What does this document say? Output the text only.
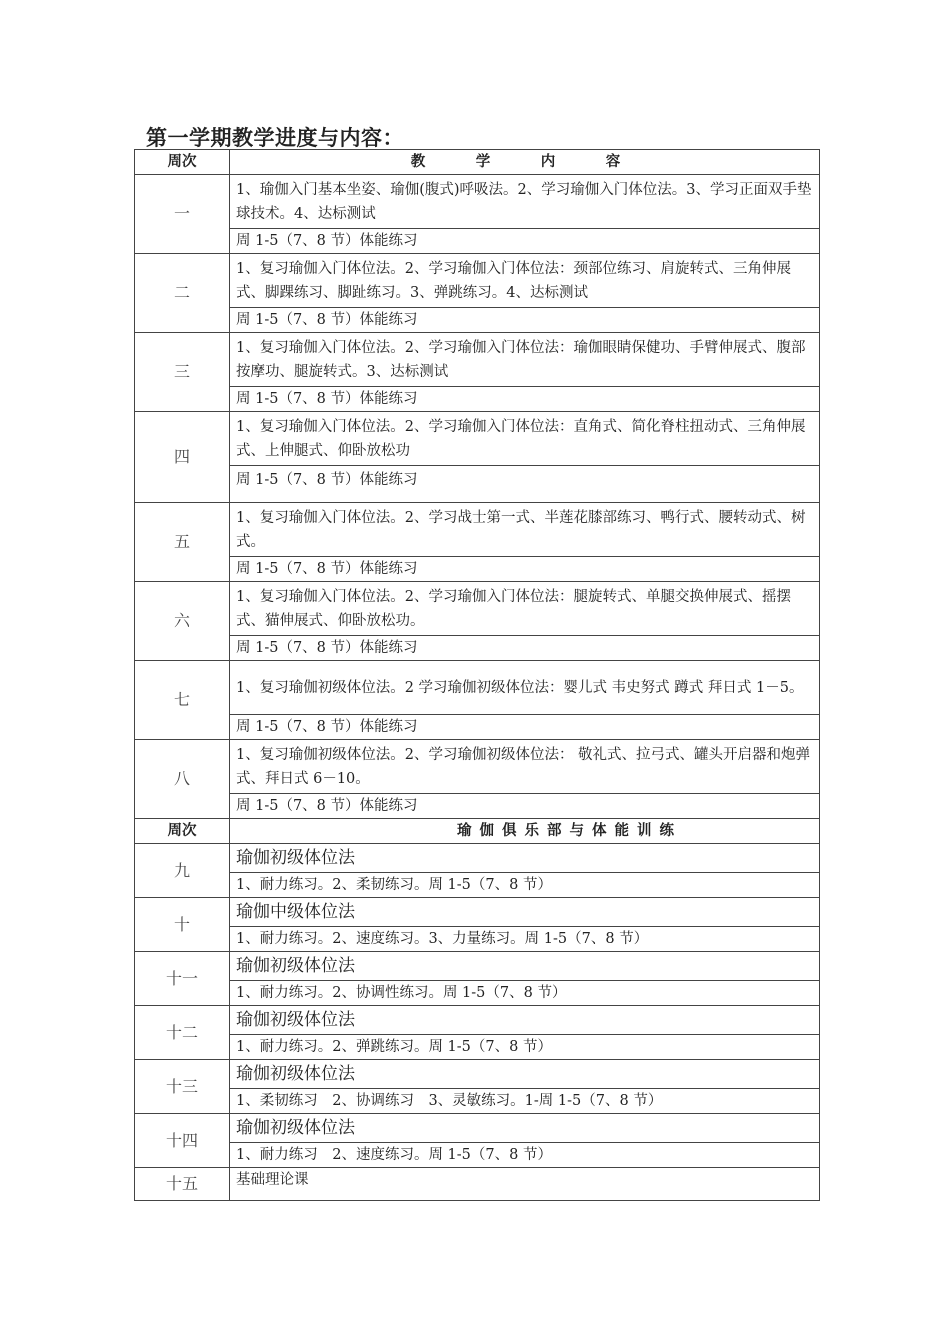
第一学期教学进度与内容：
周次	教　学　内　容
一	1、瑜伽入门基本坐姿、瑜伽(腹式)呼吸法。2、学习瑜伽入门体位法。3、学习正面双手垫球技术。4、达标测试
	周 1-5（7、8 节）体能练习
二	1、复习瑜伽入门体位法。2、学习瑜伽入门体位法：颈部位练习、肩旋转式、三角伸展式、脚踝练习、脚趾练习。3、弹跳练习。4、达标测试
	周 1-5（7、8 节）体能练习
三	1、复习瑜伽入门体位法。2、学习瑜伽入门体位法：瑜伽眼睛保健功、手臂伸展式、腹部按摩功、腿旋转式。3、达标测试
	周 1-5（7、8 节）体能练习
四	1、复习瑜伽入门体位法。2、学习瑜伽入门体位法：直角式、简化脊柱扭动式、三角伸展式、上伸腿式、仰卧放松功
	周 1-5（7、8 节）体能练习
五	1、复习瑜伽入门体位法。2、学习战士第一式、半莲花膝部练习、鸭行式、腰转动式、树式。
	周 1-5（7、8 节）体能练习
六	1、复习瑜伽入门体位法。2、学习瑜伽入门体位法：腿旋转式、单腿交换伸展式、摇摆式、猫伸展式、仰卧放松功。
	周 1-5（7、8 节）体能练习
七	1、复习瑜伽初级体位法。2 学习瑜伽初级体位法：婴儿式 韦史努式 蹲式 拜日式 1－5。
	周 1-5（7、8 节）体能练习
八	1、复习瑜伽初级体位法。2、学习瑜伽初级体位法： 敬礼式、拉弓式、罐头开启器和炮弹式、拜日式 6－10。
	周 1-5（7、8 节）体能练习
周次	瑜伽俱乐部与体能训练
九	瑜伽初级体位法
	1、耐力练习。2、柔韧练习。周 1-5（7、8 节）
十	瑜伽中级体位法
	1、耐力练习。2、速度练习。3、力量练习。周 1-5（7、8 节）
十一	瑜伽初级体位法
	1、耐力练习。2、协调性练习。周 1-5（7、8 节）
十二	瑜伽初级体位法
	1、耐力练习。2、弹跳练习。周 1-5（7、8 节）
十三	瑜伽初级体位法
	1、柔韧练习　2、协调练习　3、灵敏练习。1-周 1-5（7、8 节）
十四	瑜伽初级体位法
	1、耐力练习　2、速度练习。周 1-5（7、8 节）
十五	基础理论课
